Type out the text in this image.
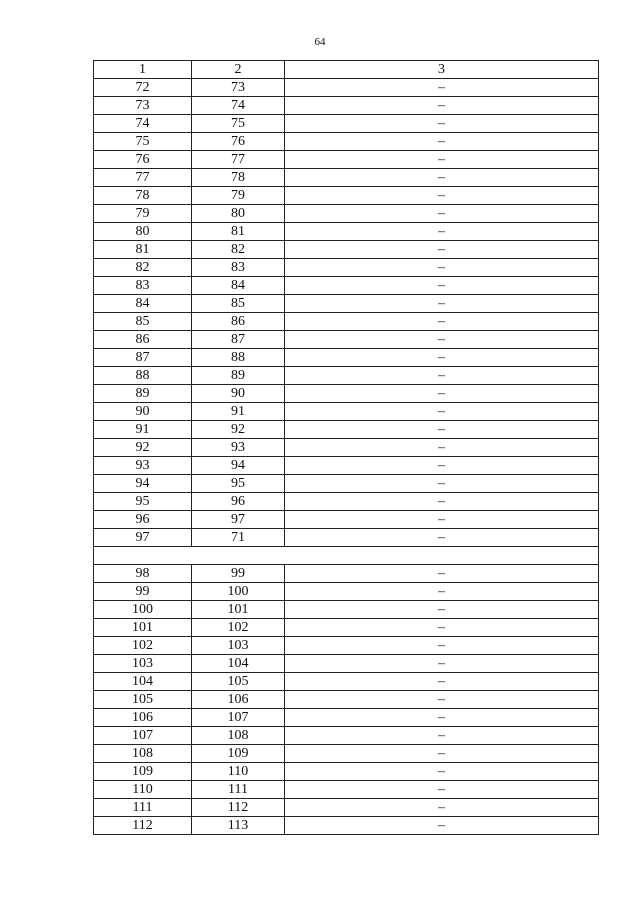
64
1	2	3
72	73	–
73	74	–
74	75	–
75	76	–
76	77	–
77	78	–
78	79	–
79	80	–
80	81	–
81	82	–
82	83	–
83	84	–
84	85	–
85	86	–
86	87	–
87	88	–
88	89	–
89	90	–
90	91	–
91	92	–
92	93	–
93	94	–
94	95	–
95	96	–
96	97	–
97	71	–

98	99	–
99	100	–
100	101	–
101	102	–
102	103	–
103	104	–
104	105	–
105	106	–
106	107	–
107	108	–
108	109	–
109	110	–
110	111	–
111	112	–
112	113	–
